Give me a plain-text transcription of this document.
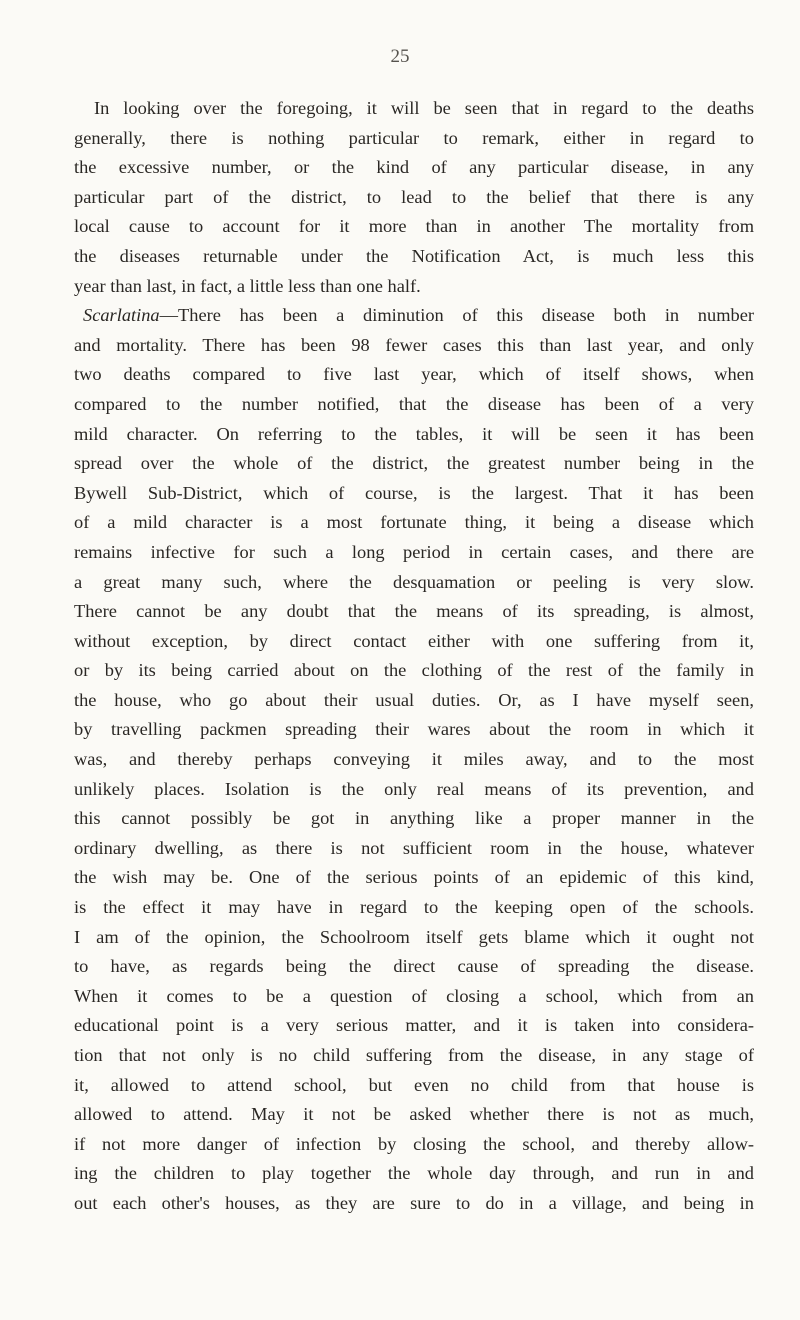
25
In looking over the foregoing, it will be seen that in regard to the deaths
generally, there is nothing particular to remark, either in regard to
the excessive number, or the kind of any particular disease, in any
particular part of the district, to lead to the belief that there is any
local cause to account for it more than in another The mortality from
the diseases returnable under the Notification Act, is much less this
year than last, in fact, a little less than one half.
Scarlatina—There has been a diminution of this disease both in number
and mortality. There has been 98 fewer cases this than last year, and only
two deaths compared to five last year, which of itself shows, when
compared to the number notified, that the disease has been of a very
mild character. On referring to the tables, it will be seen it has been
spread over the whole of the district, the greatest number being in the
Bywell Sub-District, which of course, is the largest. That it has been
of a mild character is a most fortunate thing, it being a disease which
remains infective for such a long period in certain cases, and there are
a great many such, where the desquamation or peeling is very slow.
There cannot be any doubt that the means of its spreading, is almost,
without exception, by direct contact either with one suffering from it,
or by its being carried about on the clothing of the rest of the family in
the house, who go about their usual duties. Or, as I have myself seen,
by travelling packmen spreading their wares about the room in which it
was, and thereby perhaps conveying it miles away, and to the most
unlikely places. Isolation is the only real means of its prevention, and
this cannot possibly be got in anything like a proper manner in the
ordinary dwelling, as there is not sufficient room in the house, whatever
the wish may be. One of the serious points of an epidemic of this kind,
is the effect it may have in regard to the keeping open of the schools.
I am of the opinion, the Schoolroom itself gets blame which it ought not
to have, as regards being the direct cause of spreading the disease.
When it comes to be a question of closing a school, which from an
educational point is a very serious matter, and it is taken into considera-
tion that not only is no child suffering from the disease, in any stage of
it, allowed to attend school, but even no child from that house is
allowed to attend. May it not be asked whether there is not as much,
if not more danger of infection by closing the school, and thereby allow-
ing the children to play together the whole day through, and run in and
out each other's houses, as they are sure to do in a village, and being in
